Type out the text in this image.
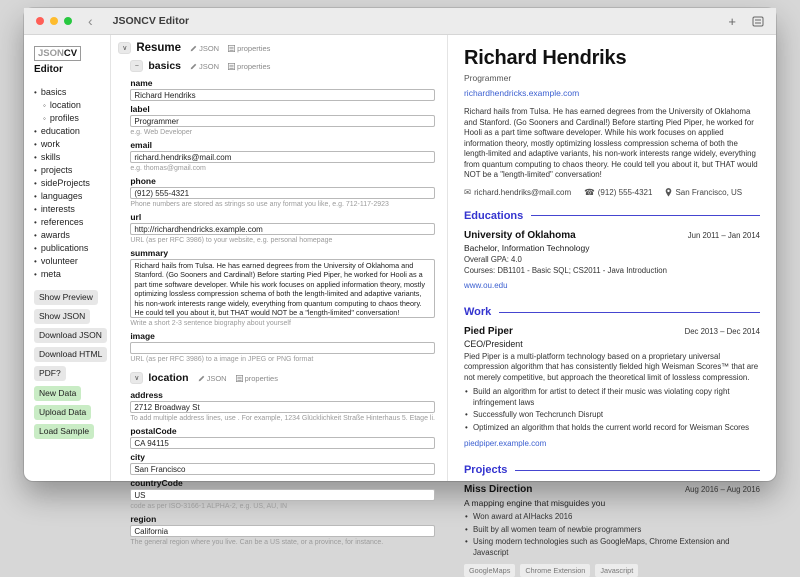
‹ JSONCV Editor	+
JSONCV
Editor
• basics
◦ location
◦ profiles
• education
• work
• skills
• projects
• sideProjects
• languages
• interests
• references
• awards
• publications
• volunteer
• meta
Show Preview
Show JSON
Download JSON
Download HTML
PDF?
New Data
Upload Data
Load Sample
∨ Resume JSON properties
− basics JSON properties
name
Richard Hendriks
label
Programmer
e.g. Web Developer
email
richard.hendriks@mail.com
e.g. thomas@gmail.com
phone
(912) 555-4321
Phone numbers are stored as strings so use any format you like, e.g. 712-117-2923
url
http://richardhendricks.example.com
URL (as per RFC 3986) to your website, e.g. personal homepage
summary
Richard hails from Tulsa. He has earned degrees from the University of Oklahoma and Stanford. (Go Sooners and Cardinal!) Before starting Pied Piper, he worked for Hooli as a part time software developer. While his work focuses on applied information theory, mostly optimizing lossless compression schema of both the length-limited and adaptive variants, his non-work interests range widely, everything from quantum computing to chaos theory. He could tell you about it, but THAT would NOT be a "length-limited" conversation!
Write a short 2-3 sentence biography about yourself
image
URL (as per RFC 3986) to a image in JPEG or PNG format
∨ location JSON properties
address
2712 Broadway St
To add multiple address lines, use . For example, 1234 Glücklichkeit Straße Hinterhaus 5. Etage li.
postalCode
CA 94115
city
San Francisco
countryCode
US
code as per ISO-3166-1 ALPHA-2, e.g. US, AU, IN
region
California
The general region where you live. Can be a US state, or a province, for instance.
Richard Hendriks
Programmer
richardhendricks.example.com

Richard hails from Tulsa. He has earned degrees from the University of Oklahoma and Stanford. (Go Sooners and Cardinal!) Before starting Pied Piper, he worked for Hooli as a part time software developer. While his work focuses on applied information theory, mostly optimizing lossless compression schema of both the length-limited and adaptive variants, his non-work interests range widely, everything from quantum computing to chaos theory. He could tell you about it, but THAT would NOT be a "length-limited" conversation!

✉ richard.hendriks@mail.com ☎ (912) 555-4321	San Francisco, US
Educations
University of Oklahoma	Jun 2011 – Jan 2014
Bachelor, Information Technology
Overall GPA: 4.0
Courses: DB1101 - Basic SQL; CS2011 - Java Introduction
www.ou.edu
Work
Pied Piper	Dec 2013 – Dec 2014
CEO/President

Pied Piper is a multi-platform technology based on a proprietary universal compression algorithm that has consistently fielded high Weisman Scores™ that are not merely competitive, but approach the theoretical limit of lossless compression.

• Build an algorithm for artist to detect if their music was violating copy right infringement laws
• Successfully won Techcrunch Disrupt
• Optimized an algorithm that holds the current world record for Weisman Scores
piedpiper.example.com
Projects
Miss Direction	Aug 2016 – Aug 2016
A mapping engine that misguides you
• Won award at AIHacks 2016
• Built by all women team of newbie programmers
• Using modern technologies such as GoogleMaps, Chrome Extension and Javascript
GoogleMaps	Chrome Extension	Javascript
